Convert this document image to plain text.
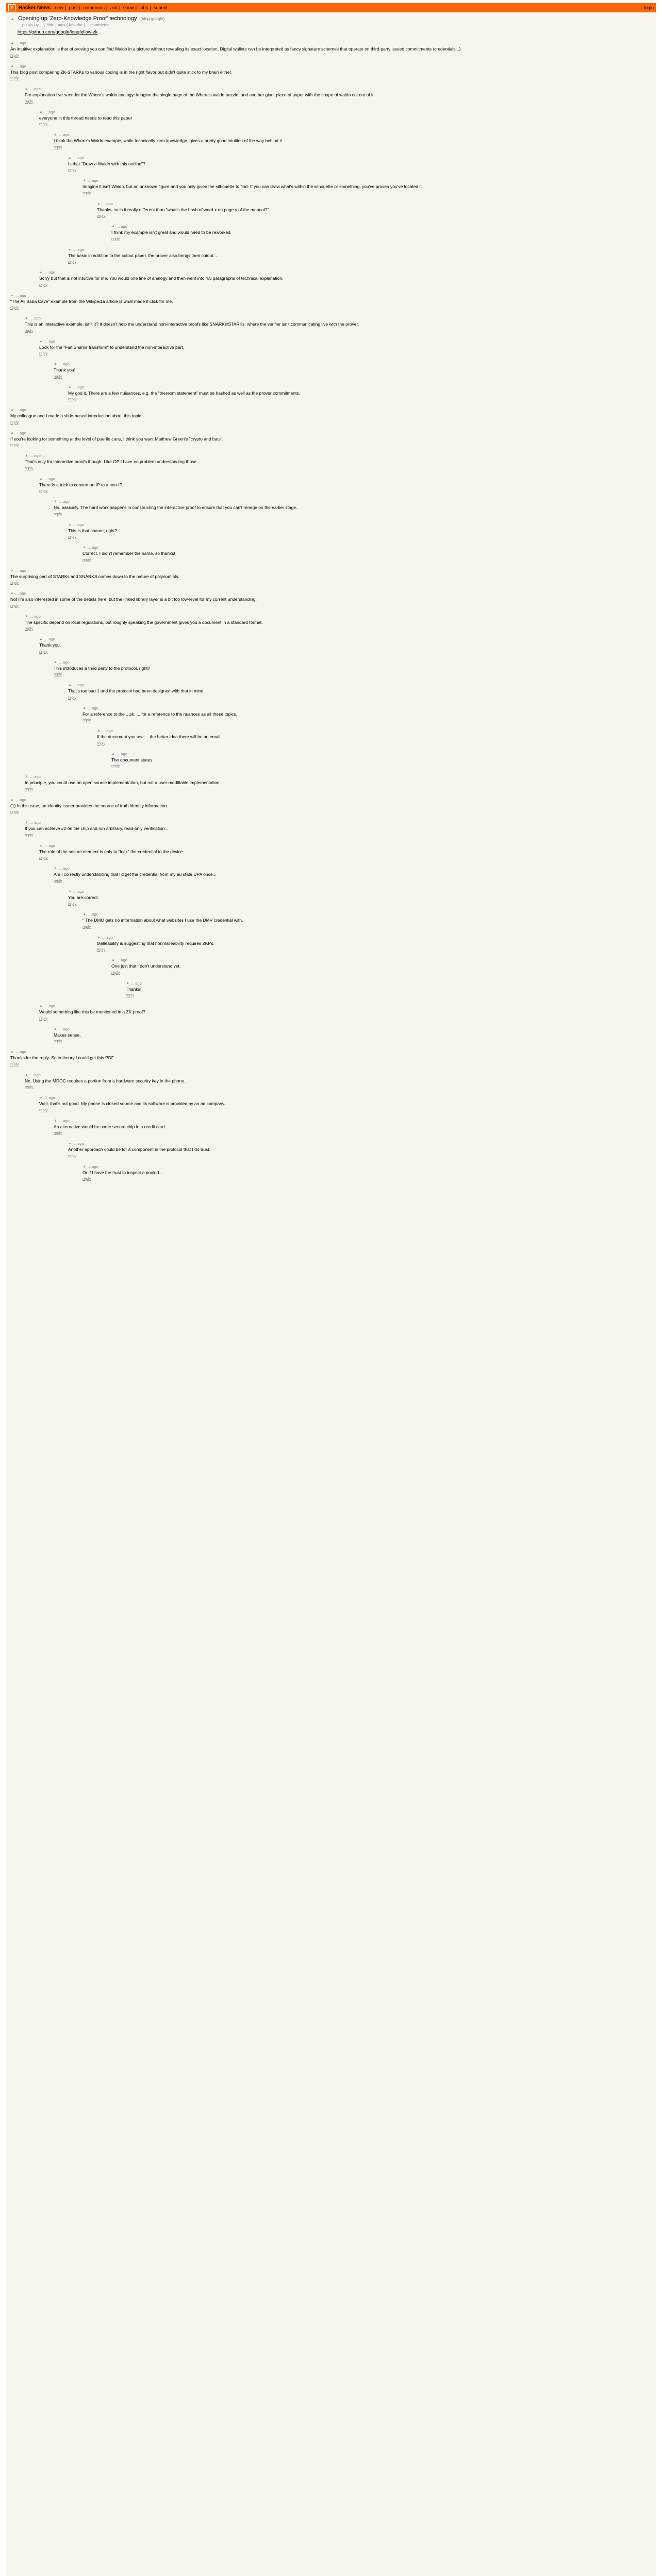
Y Hacker News new | past | comments | ask | show | jobs | submit	login
▲ Opening up 'Zero-Knowledge Proof' technology (blog.google)
... points by ... | hide | past | favorite | ... comments
https://github.com/google/longfellow-zk
▲ ... ago
An intuitive explanation is that of proving you can find Waldo in a picture without revealing its exact location. Digital wallets can be interpreted as fancy signature schemes that operate on third-party issued commitments (credentials...).
reply
▲ ... ago
This blog post comparing ZK-STARKs to various coding is in the right flavor but didn't quite stick to my brain either.
reply
▲ ... ago
For explanation I've seen for the Where's waldo analogy: imagine the single page of the Where's waldo puzzle, and another giant piece of paper with the shape of waldo cut out of it.
reply
▲ ... ago
everyone in this thread needs to read this paper
reply
▲ ... ago
I think the Where's Waldo example, while technically zero knowledge, gives a pretty good intuition of the way behind it.
reply
▲ ... ago
Is that "Draw a Waldo with this outline"?
reply
▲ ... ago
Imagine it isn't Waldo, but an unknown figure and you only given the silhouette to find. If you can draw what's within the silhouette or something, you've proven you've located it.
reply
▲ ... ago
Thanks, so is it really different than "what's the hash of word x on page y of the manual?"
reply
▲ ... ago
I think my example isn't great and would need to be reworked.
reply
▲ ... ago
The basic in addition to the cutout paper, the prover also brings their cutout...
reply
▲ ... ago
Sorry but that is not intuitive for me. You would one line of analogy and then went into 4.5 paragraphs of technical explanation.
reply
▲ ... ago
"The Ali Baba Cave" example from the Wikipedia article is what made it click for me.
reply
▲ ... ago
This is an interactive example, isn't it? It doesn't help me understand non-interactive proofs like SNARKs/STARKs, where the verifier isn't communicating live with the prover.
reply
▲ ... ago
Look for the "Fiat Shamir transform" to understand the non-interactive part.
reply
▲ ... ago
Thank you!
reply
▲ ... ago
My god it. There are a few nuisances, e.g. the "thereom statement" must be hashed as well as the prover commitments.
reply
▲ ... ago
My colleague and I made a slide-based introduction about this topic.
reply
▲ ... ago
If you're looking for something at the level of puerile cans, I think you want Matthew Green's "crypto and bats".
reply
▲ ... ago
That's only for interactive proofs though. Like OP I have no problem understanding those.
reply
▲ ... ago
There is a trick to convert an IP to a non-IP.
reply
▲ ... ago
No, basically. The hard work happens in constructing the interactive proof to ensure that you can't renege on the earlier stage.
reply
▲ ... ago
This is that shame, right?
reply
▲ ... ago
Correct. I didn't remember the name, so thanks!
reply
▲ ... ago
The surprising part of STARKs and SNARKS comes down to the nature of polynomials.
reply
▲ ... ago
Not I'm also interested in some of the details here, but the linked library layer is a bit too low-level for my current understanding.
reply
▲ ... ago
The specific depend on local regulations, but roughly speaking the government gives you a document in a standard format.
reply
▲ ... ago
Thank you.
reply
▲ ... ago
This introduces a third party to the protocol, right?
reply
▲ ... ago
That's too bad 1 and the protocol had been designed with that in mind.
reply
▲ ... ago
For a reference to the ...pk. ... for a reference to the nuances as all these topics.
reply
▲ ... ago
If the document you use ... the better idea there will be an email.
reply
▲ ... ago
The document states:
reply
▲ ... ago
In principle, you could use an open source implementation, but not a user-modifiable implementation.
reply
▲ ... ago
(1) In this case, an identity issuer provides the source of truth identity information.
reply
▲ ... ago
If you can achieve #2 on the chip and run arbitrary, read-only verification...
reply
▲ ... ago
The role of the secure element is only to "lock" the credential to the device.
reply
▲ ... ago
Am I correctly understanding that I'd get the credential from my eu state DPA once...
reply
▲ ... ago
You are correct.
reply
▲ ... ago
" The DMO gets no information about what websites I use the DMV credential with.
reply
▲ ... ago
Malleability is suggesting that nonmalleability requires ZKPs.
reply
▲ ... ago
One just that I don't understand yet.
reply
▲ ... ago
Thanks!
reply
▲ ... ago
Would something like this be mentioned in a ZK proof?
reply
▲ ... ago
Makes sense.
reply
▲ ... ago
Thanks for the reply. So in theory I could get this PDF.
reply
▲ ... ago
No. Using the MDOC requires a portion from a hardware security key in the phone.
reply
▲ ... ago
Well, that's not good. My phone is closed source and its software is provided by an ad company.
reply
▲ ... ago
An alternative would be some secure chip in a credit card.
reply
▲ ... ago
Another approach could be for a component in the protocol that I do trust.
reply
▲ ... ago
Or if I have the trust to inspect a pooled...
reply
